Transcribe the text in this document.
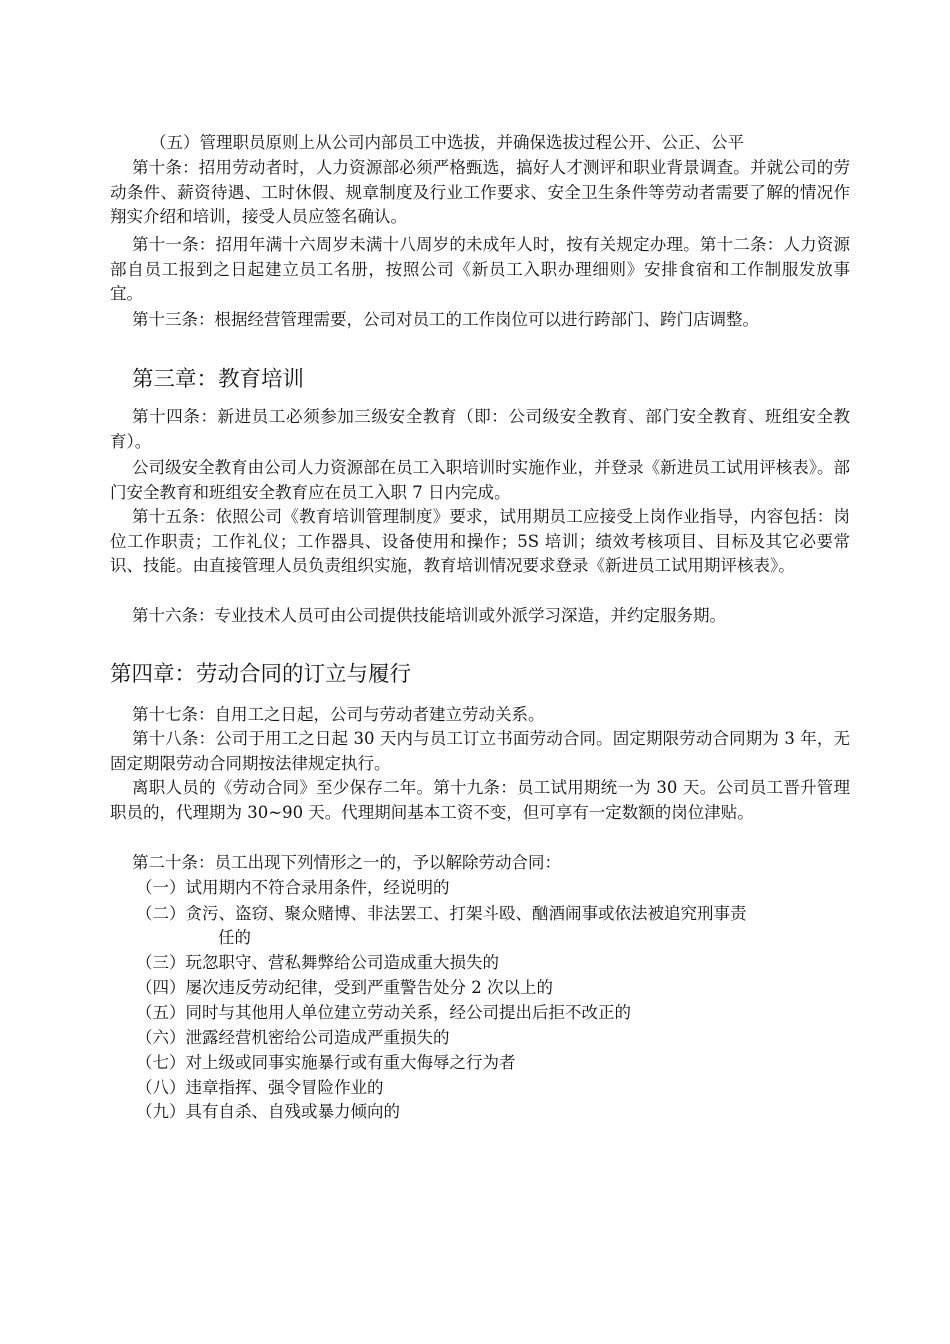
（五）管理职员原则上从公司内部员工中选拔，并确保选拔过程公开、公正、公平
第十条：招用劳动者时，人力资源部必须严格甄选，搞好人才测评和职业背景调查。并就公司的劳动条件、薪资待遇、工时休假、规章制度及行业工作要求、安全卫生条件等劳动者需要了解的情况作翔实介绍和培训，接受人员应签名确认。
第十一条：招用年满十六周岁未满十八周岁的未成年人时，按有关规定办理。第十二条：人力资源部自员工报到之日起建立员工名册，按照公司《新员工入职办理细则》安排食宿和工作制服发放事宜。
第十三条：根据经营管理需要，公司对员工的工作岗位可以进行跨部门、跨门店调整。
第三章：教育培训
第十四条：新进员工必须参加三级安全教育（即：公司级安全教育、部门安全教育、班组安全教育）。
公司级安全教育由公司人力资源部在员工入职培训时实施作业，并登录《新进员工试用评核表》。部门安全教育和班组安全教育应在员工入职 7 日内完成。
第十五条：依照公司《教育培训管理制度》要求，试用期员工应接受上岗作业指导，内容包括：岗位工作职责；工作礼仪；工作器具、设备使用和操作；5S 培训；绩效考核项目、目标及其它必要常识、技能。由直接管理人员负责组织实施，教育培训情况要求登录《新进员工试用期评核表》。
第十六条：专业技术人员可由公司提供技能培训或外派学习深造，并约定服务期。
第四章：劳动合同的订立与履行
第十七条：自用工之日起，公司与劳动者建立劳动关系。
第十八条：公司于用工之日起 30 天内与员工订立书面劳动合同。固定期限劳动合同期为 3 年，无固定期限劳动合同期按法律规定执行。
离职人员的《劳动合同》至少保存二年。第十九条：员工试用期统一为 30 天。公司员工晋升管理职员的，代理期为 30~90 天。代理期间基本工资不变，但可享有一定数额的岗位津贴。
第二十条：员工出现下列情形之一的，予以解除劳动合同：
（一）试用期内不符合录用条件，经说明的
（二）贪污、盗窃、聚众赌博、非法罢工、打架斗殴、酗酒闹事或依法被追究刑事责
任的
（三）玩忽职守、营私舞弊给公司造成重大损失的
（四）屡次违反劳动纪律，受到严重警告处分 2 次以上的
（五）同时与其他用人单位建立劳动关系，经公司提出后拒不改正的
（六）泄露经营机密给公司造成严重损失的
（七）对上级或同事实施暴行或有重大侮辱之行为者
（八）违章指挥、强令冒险作业的
（九）具有自杀、自残或暴力倾向的
